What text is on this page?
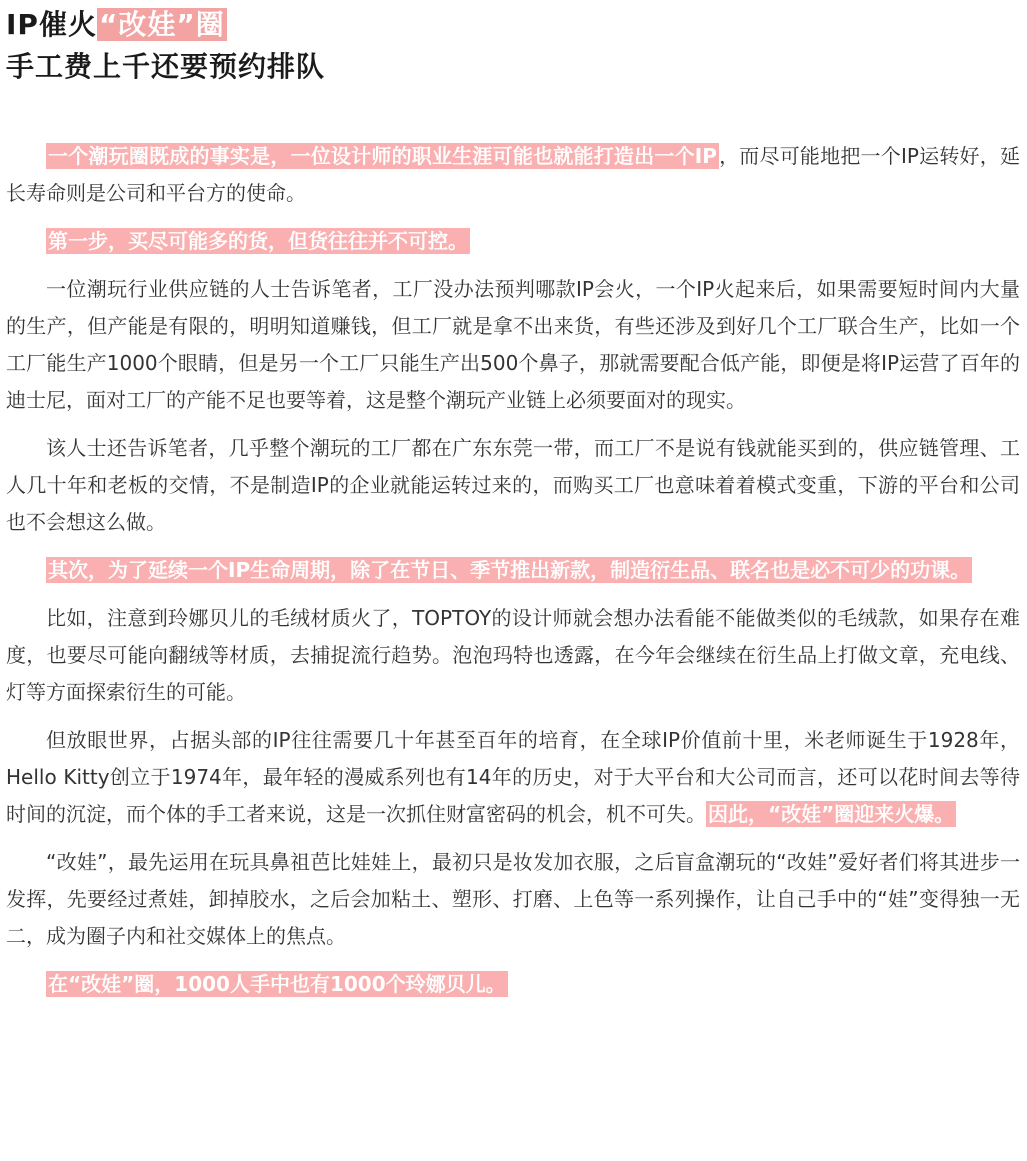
IP催火“改娃”圈
手工费上千还要预约排队

一个潮玩圈既成的事实是，一位设计师的职业生涯可能也就能打造出一个IP ，而尽可能地把一个IP运转好，延长寿命则是公司和平台方的使命。

第一步，买尽可能多的货，但货往往并不可控。

一位潮玩行业供应链的人士告诉笔者，工厂没办法预判哪款IP会火，一个IP火起来后，如果需要短时间内大量的生产，但产能是有限的，明明知道赚钱，但工厂就是拿不出来货，有些还涉及到好几个工厂联合生产，比如一个工厂能生产1000个眼睛，但是另一个工厂只能生产出500个鼻子，那就需要配合低产能，即便是将IP运营了百年的迪士尼，面对工厂的产能不足也要等着，这是整个潮玩产业链上必须要面对的现实。

该人士还告诉笔者，几乎整个潮玩的工厂都在广东东莞一带，而工厂不是说有钱就能买到的，供应链管理、工人几十年和老板的交情，不是制造IP的企业就能运转过来的，而购买工厂也意味着着模式变重，下游的平台和公司也不会想这么做。

其次，为了延续一个IP生命周期，除了在节日、季节推出新款，制造衍生品、联名也是必不可少的功课。

比如，注意到玲娜贝儿的毛绒材质火了，TOPTOY的设计师就会想办法看能不能做类似的毛绒款，如果存在难度，也要尽可能向翻绒等材质，去捕捉流行趋势。泡泡玛特也透露，在今年会继续在衍生品上打做文章，充电线、灯等方面探索衍生的可能。

但放眼世界，占据头部的IP往往需要几十年甚至百年的培育，在全球IP价值前十里，米老师诞生于1928年，Hello Kitty创立于1974年，最年轻的漫威系列也有14年的历史，对于大平台和大公司而言，还可以花时间去等待时间的沉淀，而个体的手工者来说，这是一次抓住财富密码的机会，机不可失。 因此，“改娃”圈迎来火爆。

“改娃”，最先运用在玩具鼻祖芭比娃娃上，最初只是妆发加衣服，之后盲盒潮玩的“改娃”爱好者们将其进步一发挥，先要经过煮娃，卸掉胶水，之后会加粘土、塑形、打磨、上色等一系列操作，让自己手中的“娃”变得独一无二，成为圈子内和社交媒体上的焦点。

在“改娃”圈，1000人手中也有1000个玲娜贝儿。
